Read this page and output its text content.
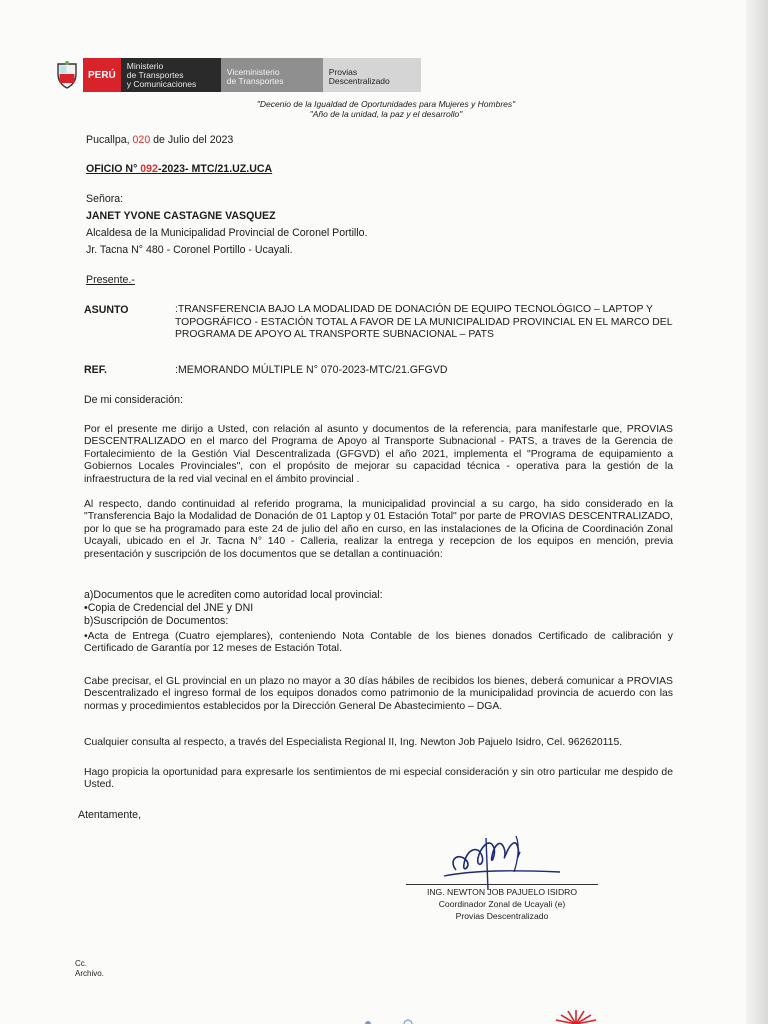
PERÚ
Ministerio
de Transportes
y Comunicaciones
Viceministerio
de Transportes
Provias
Descentralizado
"Decenio de la Igualdad de Oportunidades para Mujeres y Hombres"
"Año de la unidad, la paz y el desarrollo"
Pucallpa, 020 de Julio del 2023
OFICIO N° 092-2023- MTC/21.UZ.UCA
Señora:
JANET YVONE CASTAGNE VASQUEZ
Alcaldesa de la Municipalidad Provincial de Coronel Portillo.
Jr. Tacna N° 480 - Coronel Portillo - Ucayali.
Presente.-
ASUNTO	:TRANSFERENCIA BAJO LA MODALIDAD DE DONACIÓN DE EQUIPO TECNOLÓGICO – LAPTOP Y TOPOGRÁFICO - ESTACIÓN TOTAL A FAVOR DE LA MUNICIPALIDAD PROVINCIAL EN EL MARCO DEL PROGRAMA DE APOYO AL TRANSPORTE SUBNACIONAL – PATS
REF.	:MEMORANDO MÚLTIPLE N° 070-2023-MTC/21.GFGVD
De mi consideración:

Por el presente me dirijo a Usted, con relación al asunto y documentos de la referencia, para manifestarle que, PROVIAS DESCENTRALIZADO en el marco del Programa de Apoyo al Transporte Subnacional - PATS, a traves de la Gerencia de Fortalecimiento de la Gestión Vial Descentralizada (GFGVD) el año 2021, implementa el "Programa de equipamiento a Gobiernos Locales Provinciales", con el propósito de mejorar su capacidad técnica - operativa para la gestión de la infraestructura de la red vial vecinal en el ámbito provincial .

Al respecto, dando continuidad al referido programa, la municipalidad provincial a su cargo, ha sido considerado en la "Transferencia Bajo la Modalidad de Donación de 01 Laptop y 01 Estación Total" por parte de PROVIAS DESCENTRALIZADO, por lo que se ha programado para este 24 de julio del año en curso, en las instalaciones de la Oficina de Coordinación Zonal Ucayali, ubicado en el Jr. Tacna N° 140 - Calleria, realizar la entrega y recepcion de los equipos en mención, previa presentación y suscripción de los documentos que se detallan a continuación:

a)Documentos que le acrediten como autoridad local provincial:
•Copia de Credencial del JNE y DNI
b)Suscripción de Documentos:

•Acta de Entrega (Cuatro ejemplares), conteniendo Nota Contable de los bienes donados Certificado de calibración y Certificado de Garantía por 12 meses de Estación Total.

Cabe precisar, el GL provincial en un plazo no mayor a 30 días hábiles de recibidos los bienes, deberá comunicar a PROVIAS Descentralizado el ingreso formal de los equipos donados como patrimonio de la municipalidad provincia de acuerdo con las normas y procedimientos establecidos por la Dirección General De Abastecimiento – DGA.

Cualquier consulta al respecto, a través del Especialista Regional II, Ing. Newton Job Pajuelo Isidro, Cel. 962620115.

Hago propicia la oportunidad para expresarle los sentimientos de mi especial consideración y sin otro particular me despido de Usted.

Atentamente,
ING. NEWTON JOB PAJUELO ISIDRO
Coordinador Zonal de Ucayali (e)
Provias Descentralizado
Cc.
Archivo.
